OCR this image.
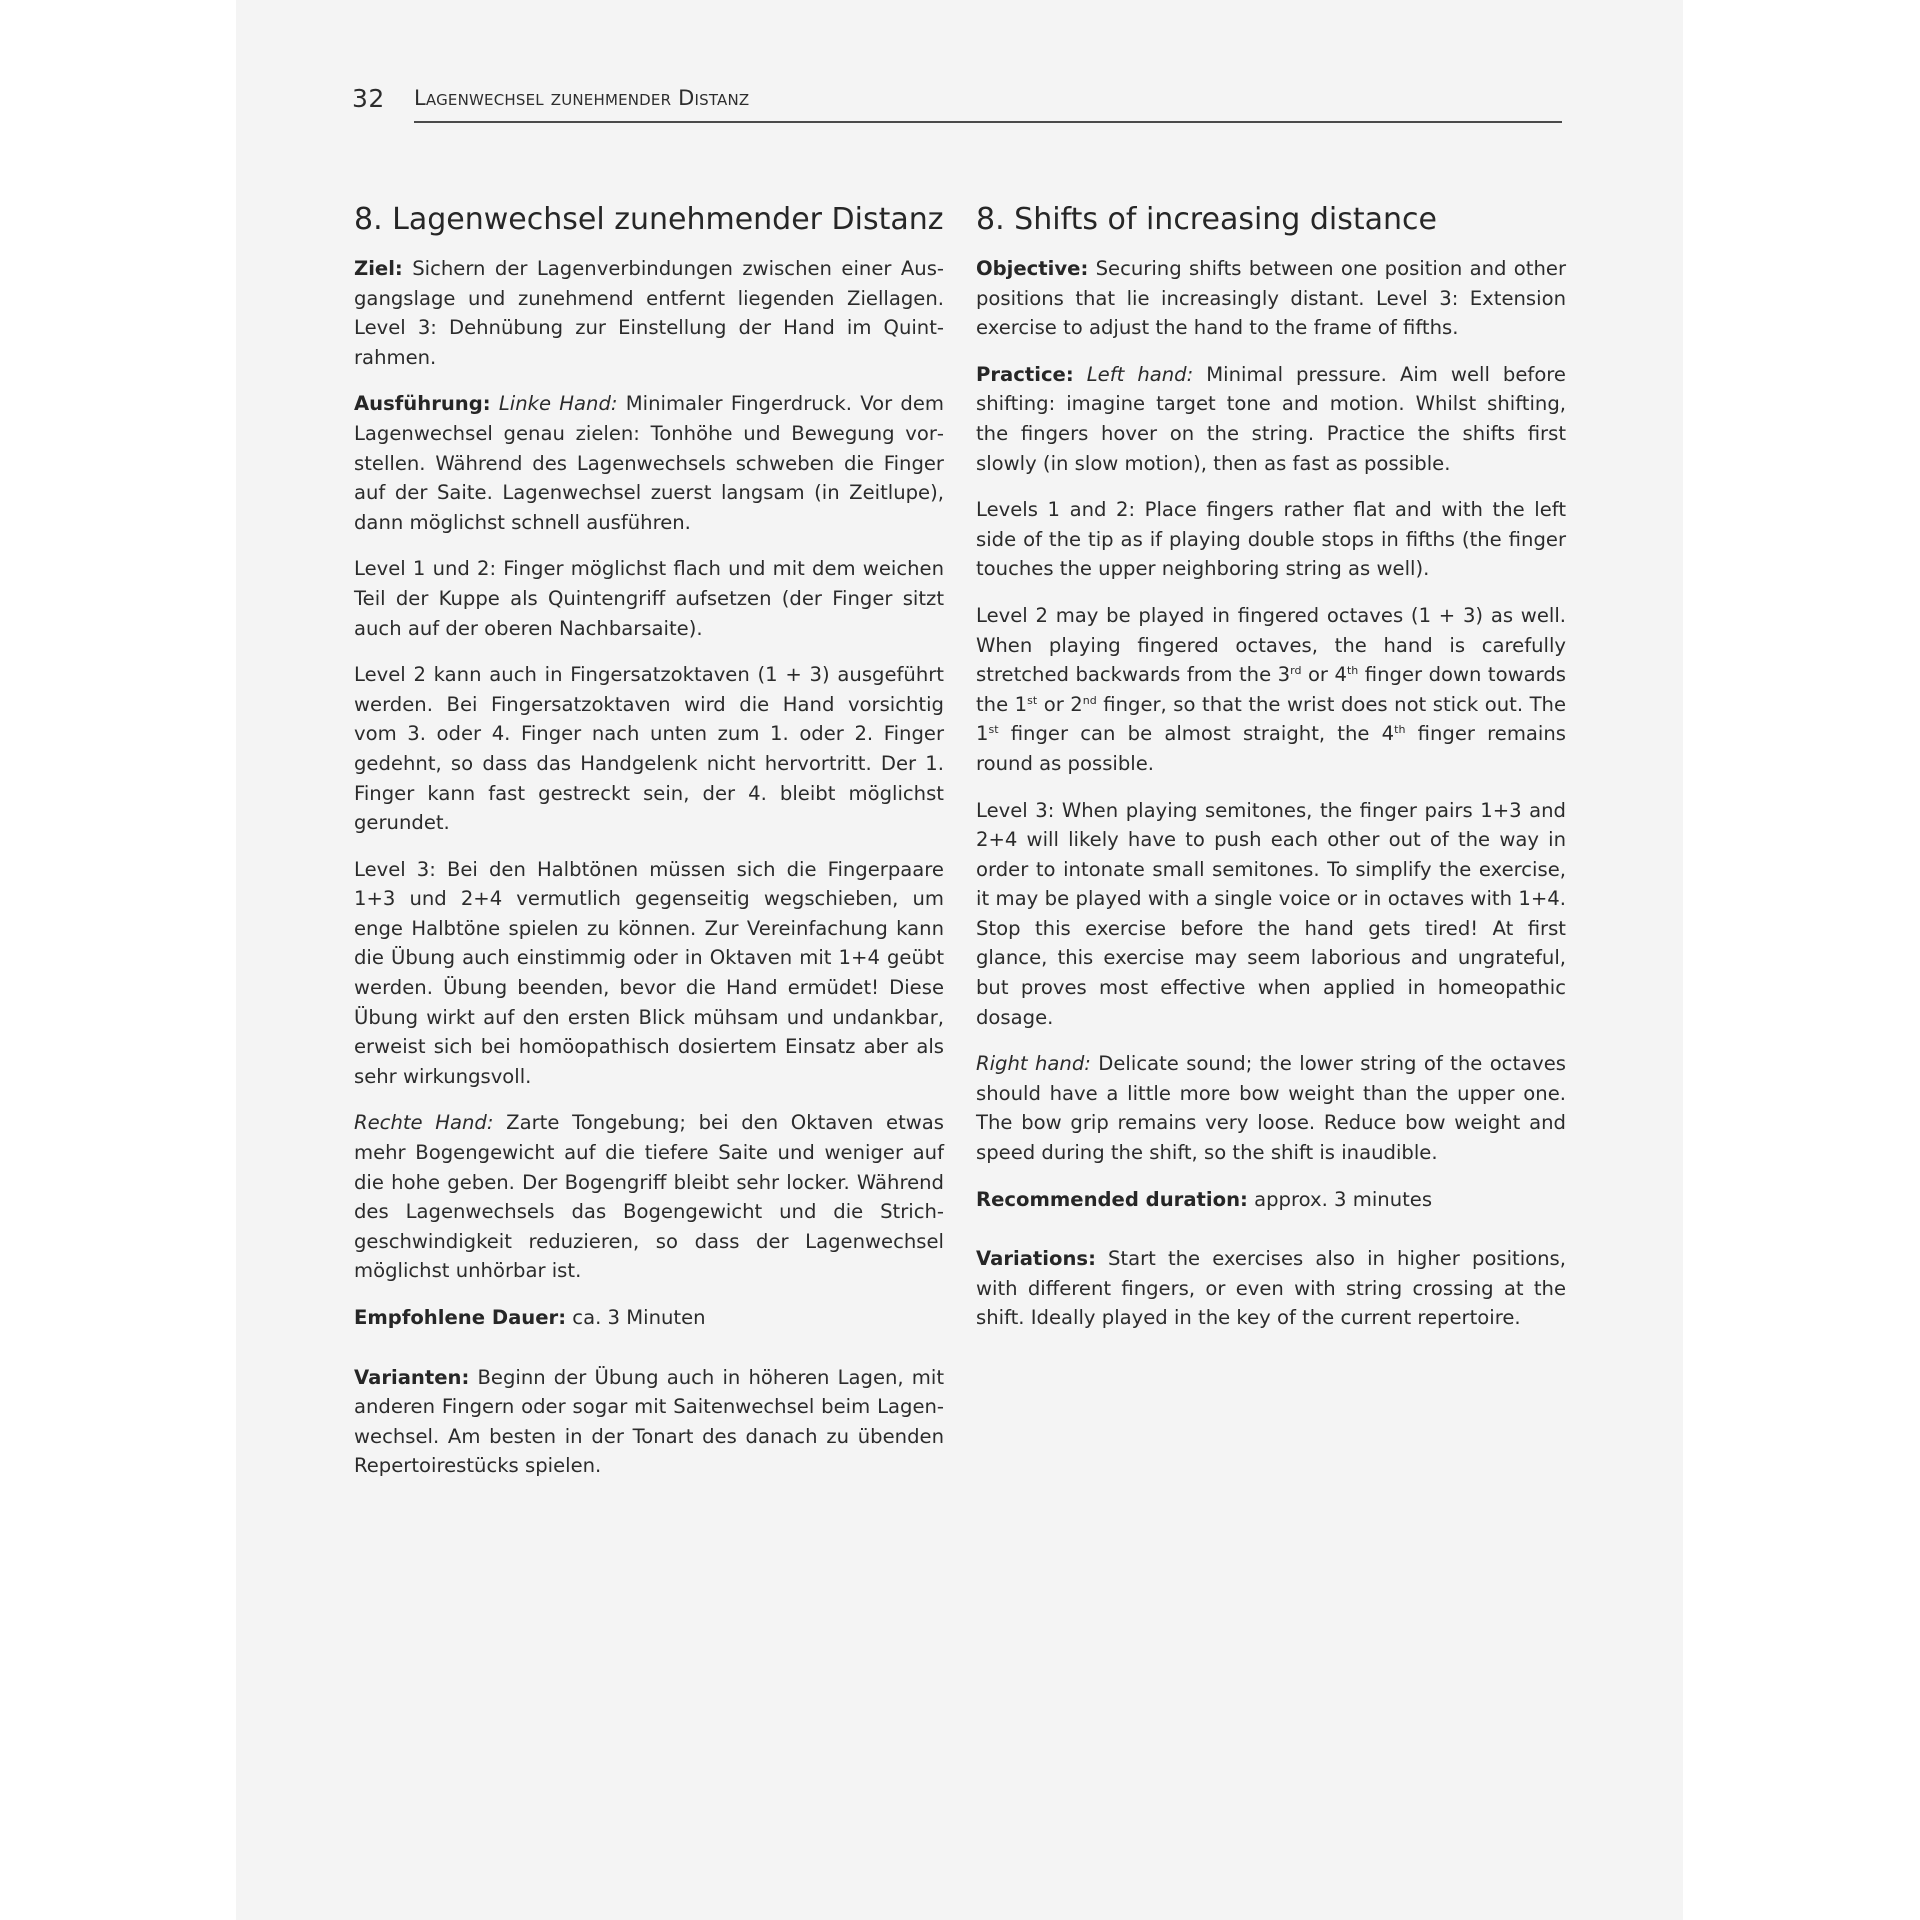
32 Lagenwechsel zunehmender Distanz
8. Lagenwechsel zunehmender Distanz

Ziel: Sichern der Lagenverbindungen zwischen einer Ausgangslage und zunehmend entfernt liegenden Ziellagen. Level 3: Dehnübung zur Einstellung der Hand im Quintrahmen.

Ausführung: Linke Hand: Minimaler Fingerdruck. Vor dem Lagenwechsel genau zielen: Tonhöhe und Bewegung vorstellen. Während des Lagenwechsels schweben die Finger auf der Saite. Lagenwechsel zuerst langsam (in Zeitlupe), dann möglichst schnell ausführen.

Level 1 und 2: Finger möglichst flach und mit dem weichen Teil der Kuppe als Quintengriff aufsetzen (der Finger sitzt auch auf der oberen Nachbarsaite).

Level 2 kann auch in Fingersatzoktaven (1 + 3) ausgeführt werden. Bei Fingersatzoktaven wird die Hand vorsichtig vom 3. oder 4. Finger nach unten zum 1. oder 2. Finger gedehnt, so dass das Handgelenk nicht hervortritt. Der 1. Finger kann fast gestreckt sein, der 4. bleibt möglichst gerundet.

Level 3: Bei den Halbtönen müssen sich die Fingerpaare 1+3 und 2+4 vermutlich gegenseitig wegschieben, um enge Halbtöne spielen zu können. Zur Vereinfachung kann die Übung auch einstimmig oder in Oktaven mit 1+4 geübt werden. Übung beenden, bevor die Hand ermüdet! Diese Übung wirkt auf den ersten Blick mühsam und undankbar, erweist sich bei homöopathisch dosiertem Einsatz aber als sehr wirkungsvoll.

Rechte Hand: Zarte Tongebung; bei den Oktaven etwas mehr Bogengewicht auf die tiefere Saite und weniger auf die hohe geben. Der Bogengriff bleibt sehr locker. Während des Lagenwechsels das Bogengewicht und die Strichgeschwindigkeit reduzieren, so dass der Lagenwechsel möglichst unhörbar ist.

Empfohlene Dauer: ca. 3 Minuten

Varianten: Beginn der Übung auch in höheren Lagen, mit anderen Fingern oder sogar mit Saitenwechsel beim Lagenwechsel. Am besten in der Tonart des danach zu übenden Repertoirestücks spielen.

8. Shifts of increasing distance

Objective: Securing shifts between one position and other positions that lie increasingly distant. Level 3: Extension exercise to adjust the hand to the frame of fifths.

Practice: Left hand: Minimal pressure. Aim well before shifting: imagine target tone and motion. Whilst shifting, the fingers hover on the string. Practice the shifts first slowly (in slow motion), then as fast as possible.

Levels 1 and 2: Place fingers rather flat and with the left side of the tip as if playing double stops in fifths (the finger touches the upper neighboring string as well).

Level 2 may be played in fingered octaves (1 + 3) as well. When playing fingered octaves, the hand is carefully stretched backwards from the 3rd or 4th finger down towards the 1st or 2nd finger, so that the wrist does not stick out. The 1st finger can be almost straight, the 4th finger remains round as possible.

Level 3: When playing semitones, the finger pairs 1+3 and 2+4 will likely have to push each other out of the way in order to intonate small semitones. To simplify the exercise, it may be played with a single voice or in octaves with 1+4. Stop this exercise before the hand gets tired! At first glance, this exercise may seem laborious and ungrateful, but proves most effective when applied in homeopathic dosage.

Right hand: Delicate sound; the lower string of the octaves should have a little more bow weight than the upper one. The bow grip remains very loose. Reduce bow weight and speed during the shift, so the shift is inaudible.

Recommended duration: approx. 3 minutes

Variations: Start the exercises also in higher positions, with different fingers, or even with string crossing at the shift. Ideally played in the key of the current repertoire.
